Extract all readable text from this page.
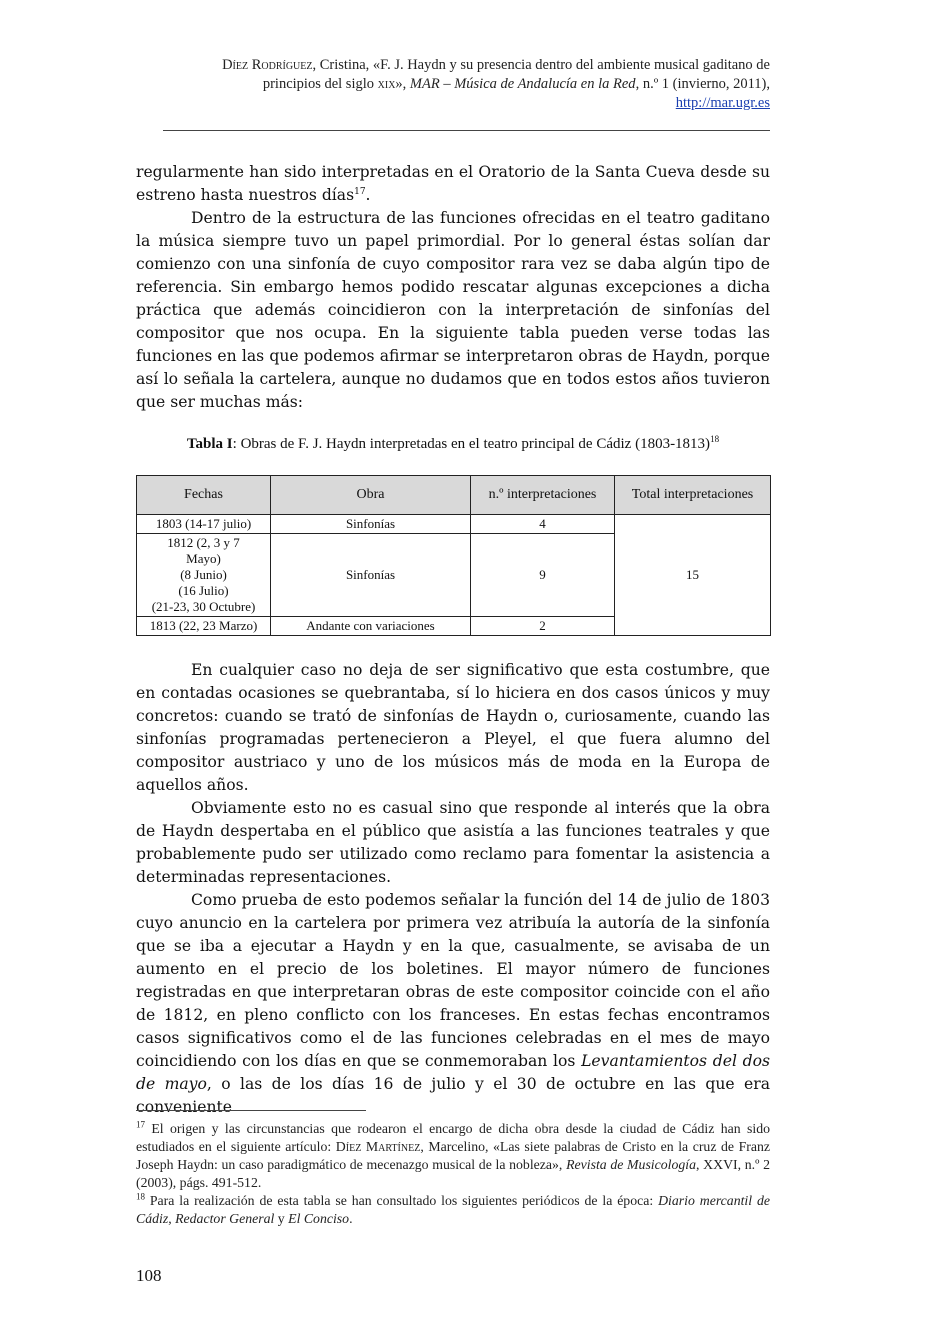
Díez Rodríguez, Cristina, «F. J. Haydn y su presencia dentro del ambiente musical gaditano de
principios del siglo xix», MAR – Música de Andalucía en la Red, n.º 1 (invierno, 2011),
http://mar.ugr.es

regularmente han sido interpretadas en el Oratorio de la Santa Cueva desde su estreno hasta nuestros días$^{17}$.

Dentro de la estructura de las funciones ofrecidas en el teatro gaditano la música siempre tuvo un papel primordial. Por lo general éstas solían dar comienzo con una sinfonía de cuyo compositor rara vez se daba algún tipo de referencia. Sin embargo hemos podido rescatar algunas excepciones a dicha práctica que además coincidieron con la interpretación de sinfonías del compositor que nos ocupa. En la siguiente tabla pueden verse todas las funciones en las que podemos afirmar se interpretaron obras de Haydn, porque así lo señala la cartelera, aunque no dudamos que en todos estos años tuvieron que ser muchas más:

Tabla I: Obras de F. J. Haydn interpretadas en el teatro principal de Cádiz (1803-1813)$^{18}$
Fechas	Obra	n.º interpretaciones	Total interpretaciones
1803 (14-17 julio)	Sinfonías	4	15
1812 (2, 3 y 7
Mayo)
(8 Junio)
(16 Julio)
(21-23, 30 Octubre)	Sinfonías	9	
1813 (22, 23 Marzo)	Andante con variaciones	2	

En cualquier caso no deja de ser significativo que esta costumbre, que en contadas ocasiones se quebrantaba, sí lo hiciera en dos casos únicos y muy concretos: cuando se trató de sinfonías de Haydn o, curiosamente, cuando las sinfonías programadas pertenecieron a Pleyel, el que fuera alumno del compositor austriaco y uno de los músicos más de moda en la Europa de aquellos años.

Obviamente esto no es casual sino que responde al interés que la obra de Haydn despertaba en el público que asistía a las funciones teatrales y que probablemente pudo ser utilizado como reclamo para fomentar la asistencia a determinadas representaciones.

Como prueba de esto podemos señalar la función del 14 de julio de 1803 cuyo anuncio en la cartelera por primera vez atribuía la autoría de la sinfonía que se iba a ejecutar a Haydn y en la que, casualmente, se avisaba de un aumento en el precio de los boletines. El mayor número de funciones registradas en que interpretaran obras de este compositor coincide con el año de 1812, en pleno conflicto con los franceses. En estas fechas encontramos casos significativos como el de las funciones celebradas en el mes de mayo coincidiendo con los días en que se conmemoraban los Levantamientos del dos de mayo, o las de los días 16 de julio y el 30 de octubre en las que era conveniente

$^{17}$ El origen y las circunstancias que rodearon el encargo de dicha obra desde la ciudad de Cádiz han sido estudiados en el siguiente artículo: Díez Martínez, Marcelino, «Las siete palabras de Cristo en la cruz de Franz Joseph Haydn: un caso paradigmático de mecenazgo musical de la nobleza», Revista de Musicología, XXVI, n.º 2 (2003), págs. 491-512.

$^{18}$ Para la realización de esta tabla se han consultado los siguientes periódicos de la época: Diario mercantil de Cádiz, Redactor General y El Conciso.

108
